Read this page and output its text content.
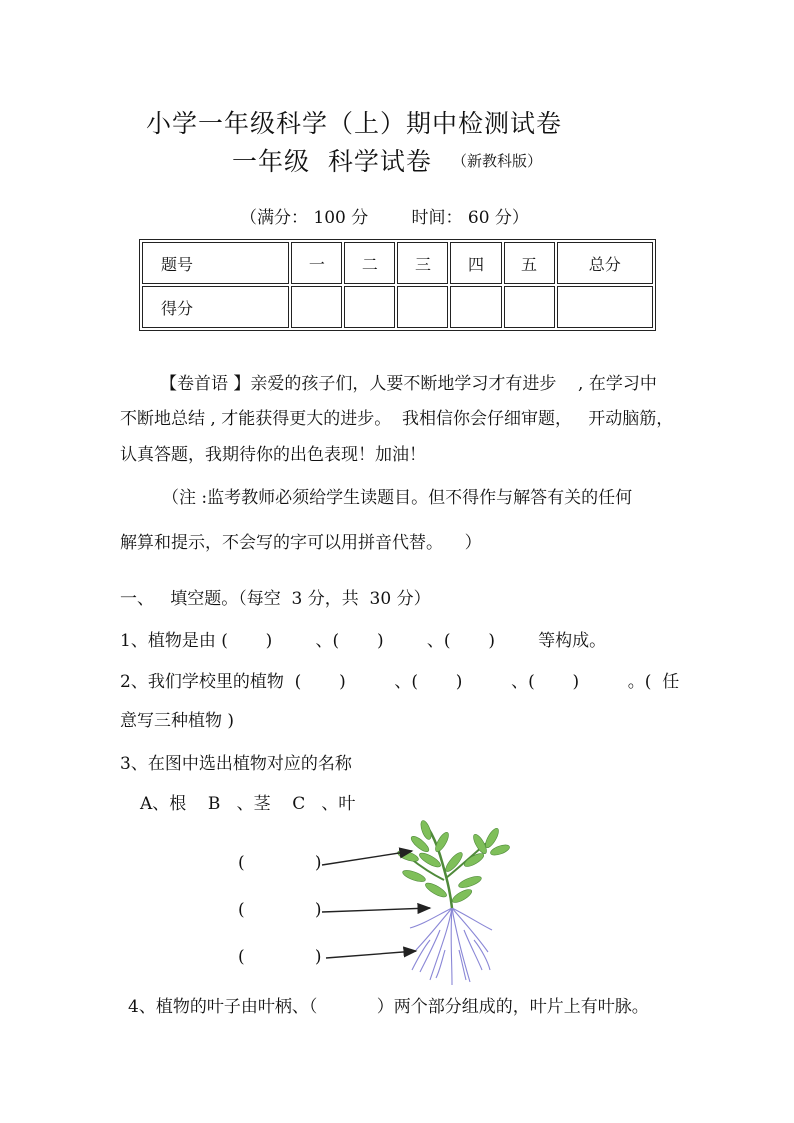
小学一年级科学（上）期中检测试卷
一年级  科学试卷 （新教科版）
（满分： 100 分        时间： 60 分）
题号	一	二	三	四	五	总分
得分						
【卷首语 】亲爱的孩子们，人要不断地学习才有进步    , 在学习中
不断地总结 , 才能获得更大的进步。  我相信你会仔细审题，   开动脑筋，
认真答题，我期待你的出色表现！加油！
（注 :监考教师必须给学生读题目。但不得作与解答有关的任何
解算和提示，不会写的字可以用拼音代替。    ）
一、   填空题。（每空  3 分，共  30 分）
1、植物是由 (       )        、(       )        、(       )        等构成。
2、我们学校里的植物  (       )         、(       )         、(       )         。(  任
意写三种植物 )
3、在图中选出植物对应的名称
A、根    B   、茎    C   、叶
(             )
(             )
(             )
4、植物的叶子由叶柄、（           ）两个部分组成的，叶片上有叶脉。
